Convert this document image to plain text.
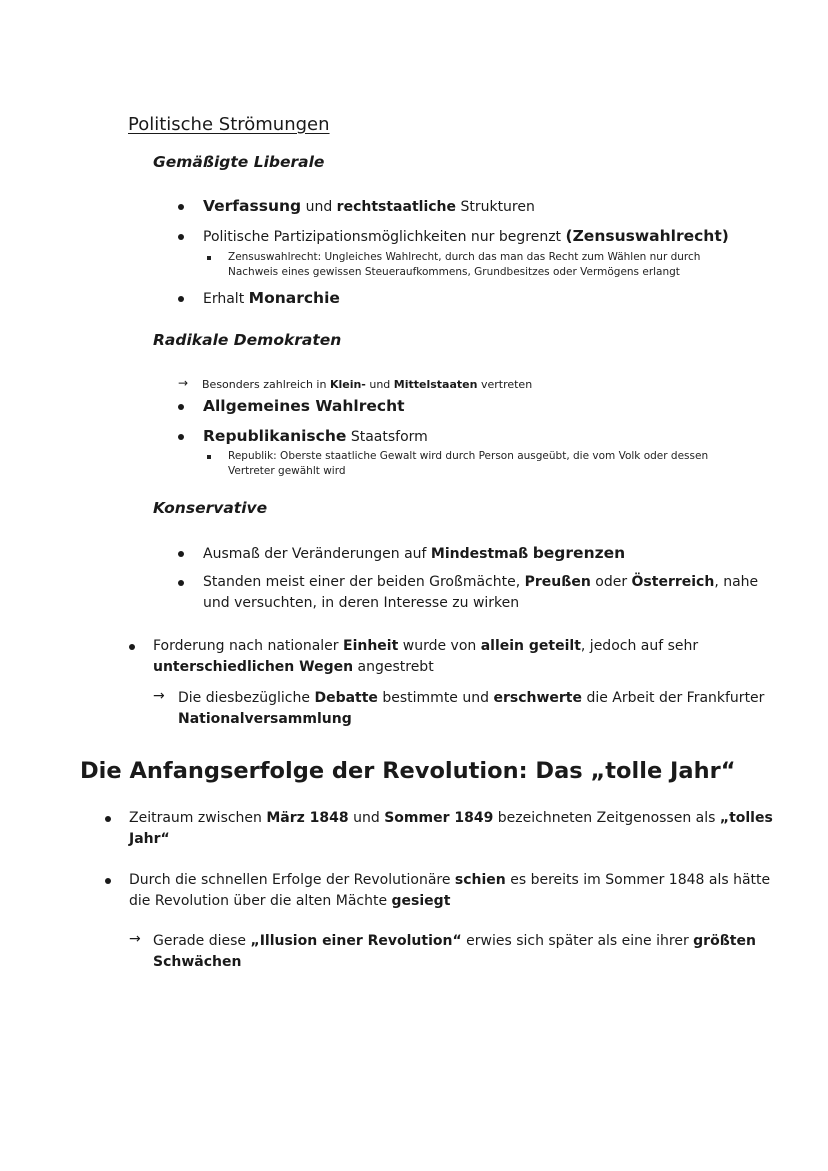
Politische Strömungen
Gemäßigte Liberale
Verfassung und rechtstaatliche Strukturen
Politische Partizipationsmöglichkeiten nur begrenzt (Zensuswahlrecht)
Zensuswahlrecht: Ungleiches Wahlrecht, durch das man das Recht zum Wählen nur durch Nachweis eines gewissen Steueraufkommens, Grundbesitzes oder Vermögens erlangt
Erhalt Monarchie
Radikale Demokraten
→ Besonders zahlreich in Klein- und Mittelstaaten vertreten
Allgemeines Wahlrecht
Republikanische Staatsform
Republik: Oberste staatliche Gewalt wird durch Person ausgeübt, die vom Volk oder dessen Vertreter gewählt wird
Konservative
Ausmaß der Veränderungen auf Mindestmaß begrenzen
Standen meist einer der beiden Großmächte, Preußen oder Österreich, nahe
und versuchten, in deren Interesse zu wirken
Forderung nach nationaler Einheit wurde von allein geteilt, jedoch auf sehr
unterschiedlichen Wegen angestrebt
→ Die diesbezügliche Debatte bestimmte und erschwerte die Arbeit der Frankfurter
Nationalversammlung
Die Anfangserfolge der Revolution: Das „tolle Jahr“
Zeitraum zwischen März 1848 und Sommer 1849 bezeichneten Zeitgenossen als „tolles
Jahr“
Durch die schnellen Erfolge der Revolutionäre schien es bereits im Sommer 1848 als hätte
die Revolution über die alten Mächte gesiegt
→ Gerade diese „Illusion einer Revolution“ erwies sich später als eine ihrer größten
Schwächen
